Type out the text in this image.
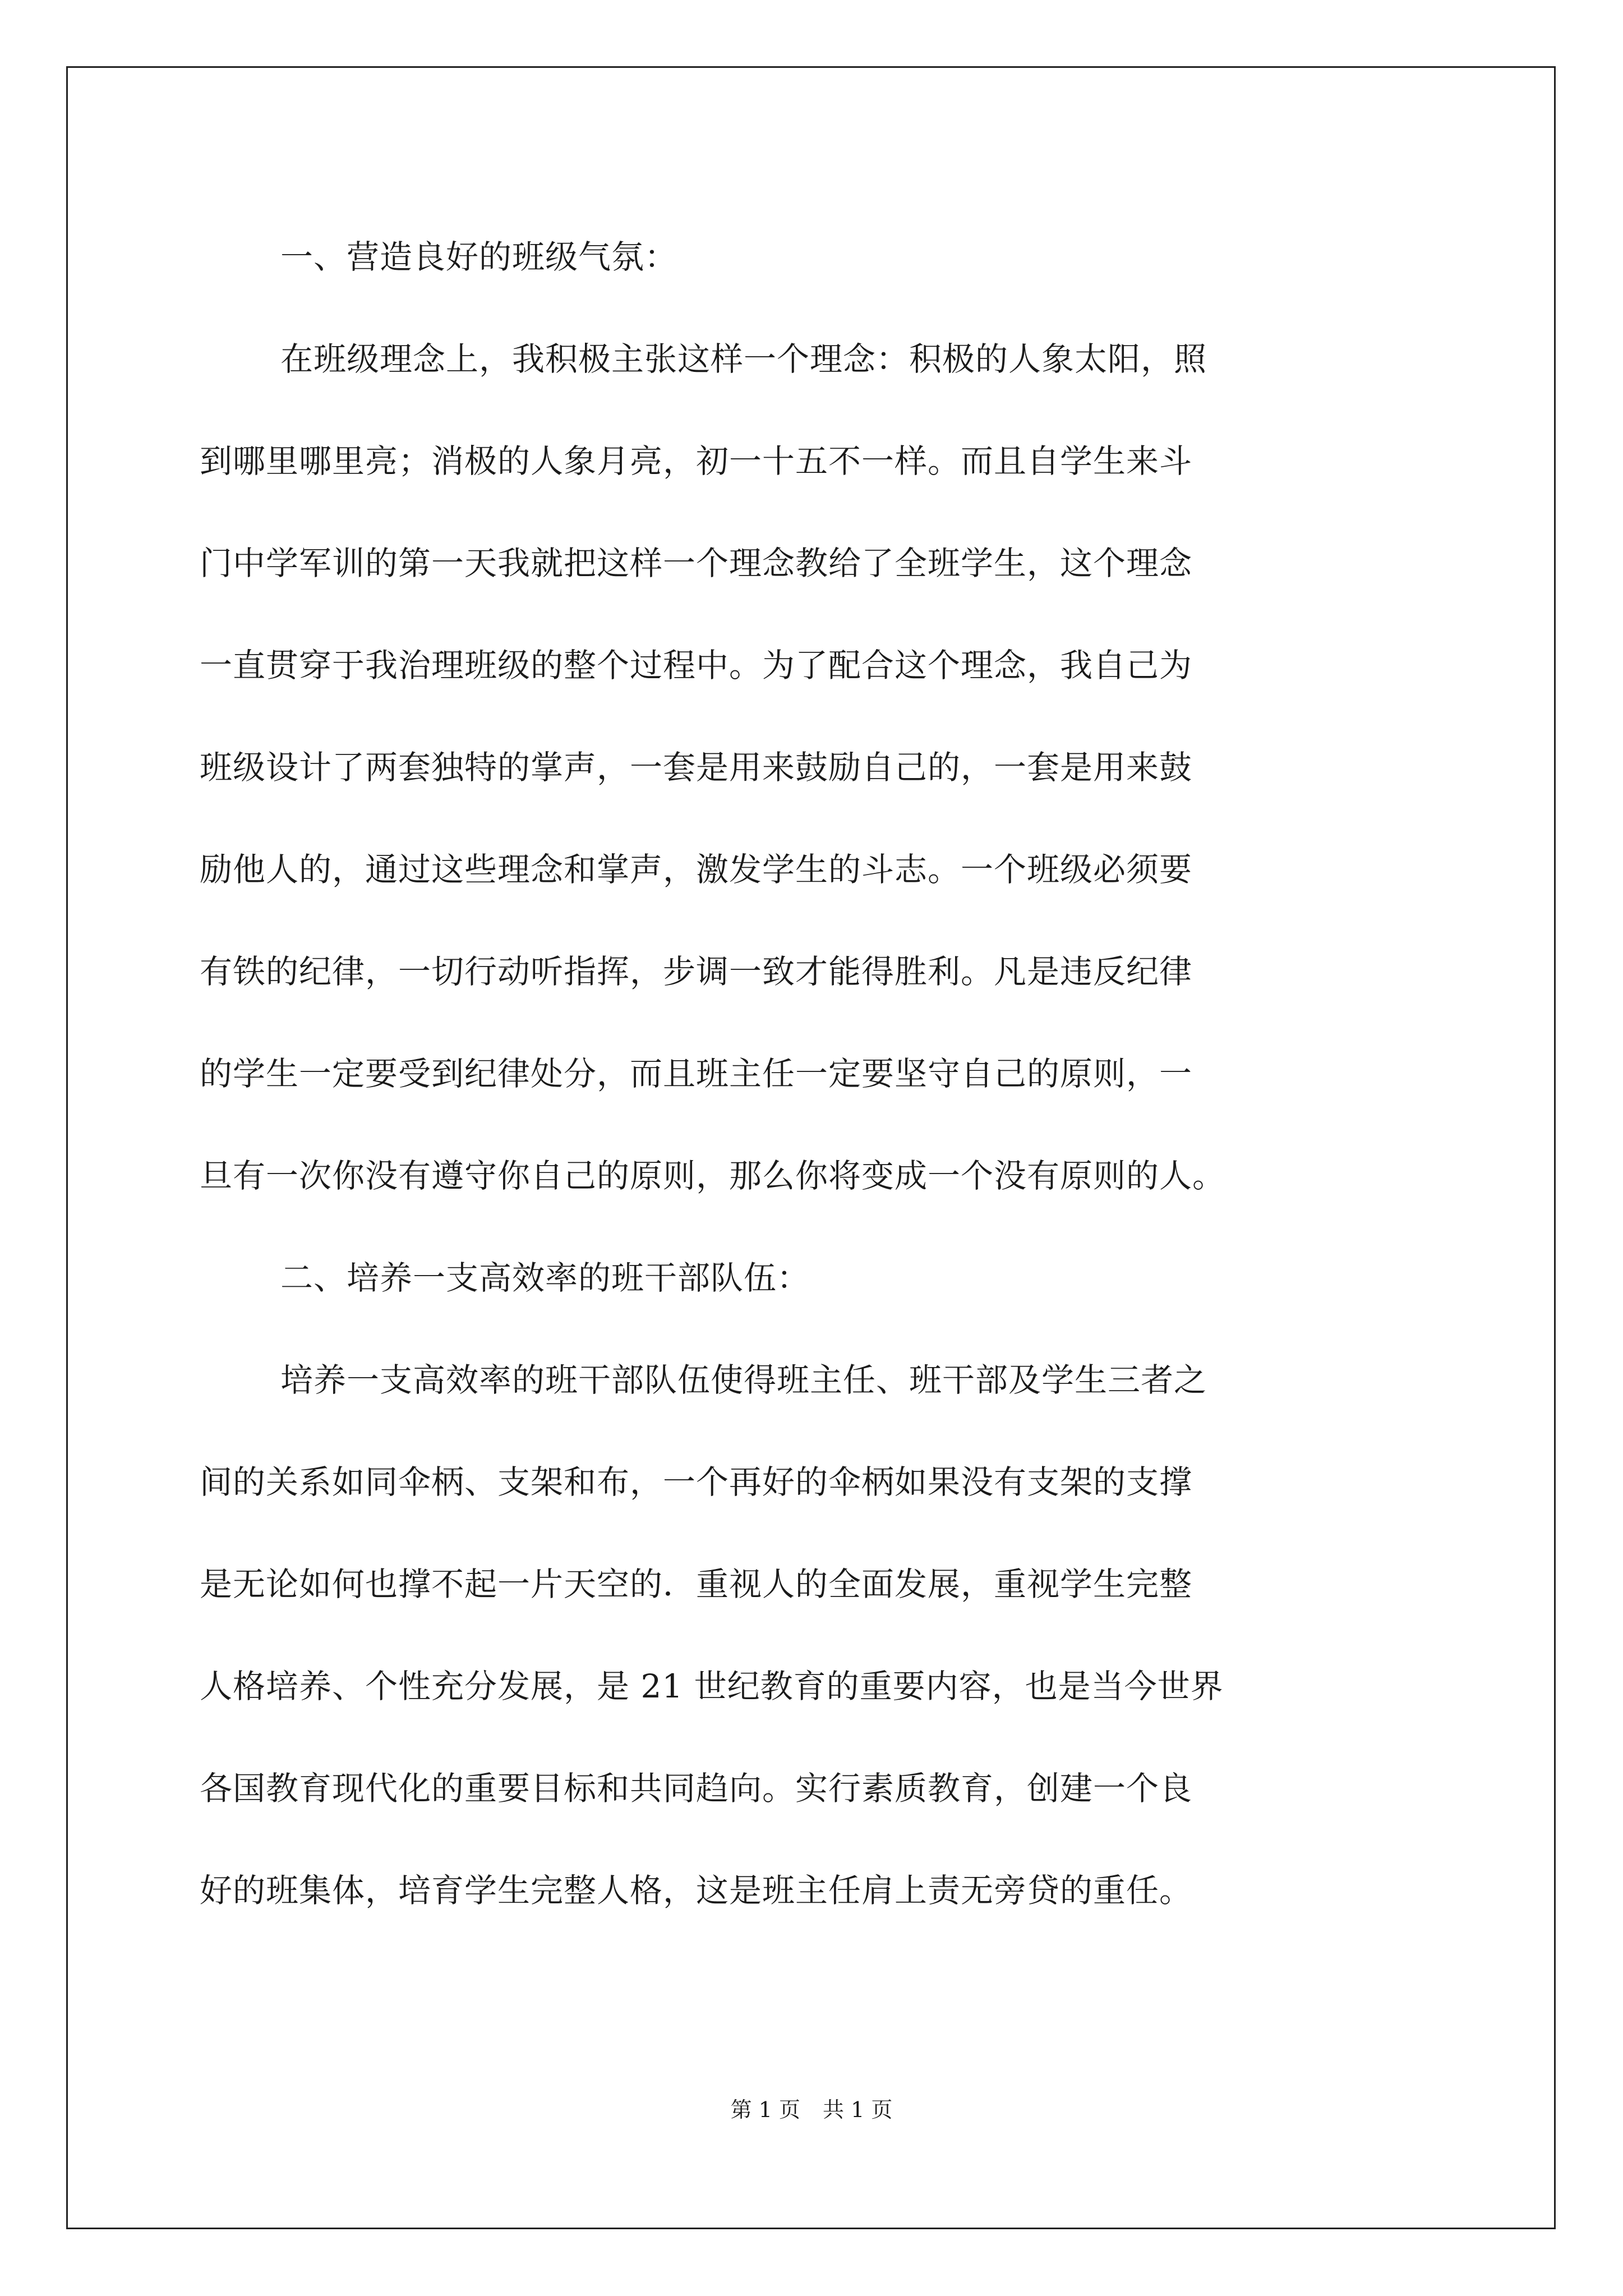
一、营造良好的班级气氛：
在班级理念上，我积极主张这样一个理念：积极的人象太阳，照
到哪里哪里亮；消极的人象月亮，初一十五不一样。而且自学生来斗
门中学军训的第一天我就把这样一个理念教给了全班学生，这个理念
一直贯穿于我治理班级的整个过程中。为了配合这个理念，我自己为
班级设计了两套独特的掌声，一套是用来鼓励自己的，一套是用来鼓
励他人的，通过这些理念和掌声，激发学生的斗志。一个班级必须要
有铁的纪律，一切行动听指挥，步调一致才能得胜利。凡是违反纪律
的学生一定要受到纪律处分，而且班主任一定要坚守自己的原则，一
旦有一次你没有遵守你自己的原则，那么你将变成一个没有原则的人。
二、培养一支高效率的班干部队伍：
培养一支高效率的班干部队伍使得班主任、班干部及学生三者之
间的关系如同伞柄、支架和布，一个再好的伞柄如果没有支架的支撑
是无论如何也撑不起一片天空的．重视人的全面发展，重视学生完整
人格培养、个性充分发展，是 21 世纪教育的重要内容，也是当今世界
各国教育现代化的重要目标和共同趋向。实行素质教育，创建一个良
好的班集体，培育学生完整人格，这是班主任肩上责无旁贷的重任。
第 1 页 共 1 页
